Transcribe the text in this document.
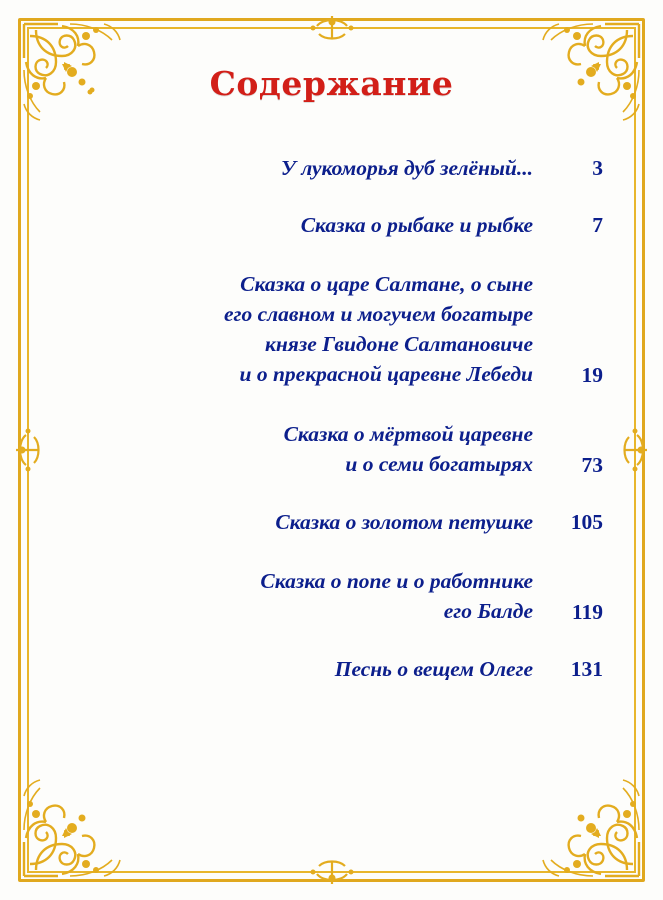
Содержание
У лукоморья дуб зелёный...	3
Сказка о рыбаке и рыбке	7
Сказка о царе Салтане, о сыне
его славном и могучем богатыре
князе Гвидоне Салтановиче
и о прекрасной царевне Лебеди	19
Сказка о мёртвой царевне
и о семи богатырях	73
Сказка о золотом петушке	105
Сказка о попе и о работнике
его Балде	119
Песнь о вещем Олеге	131
